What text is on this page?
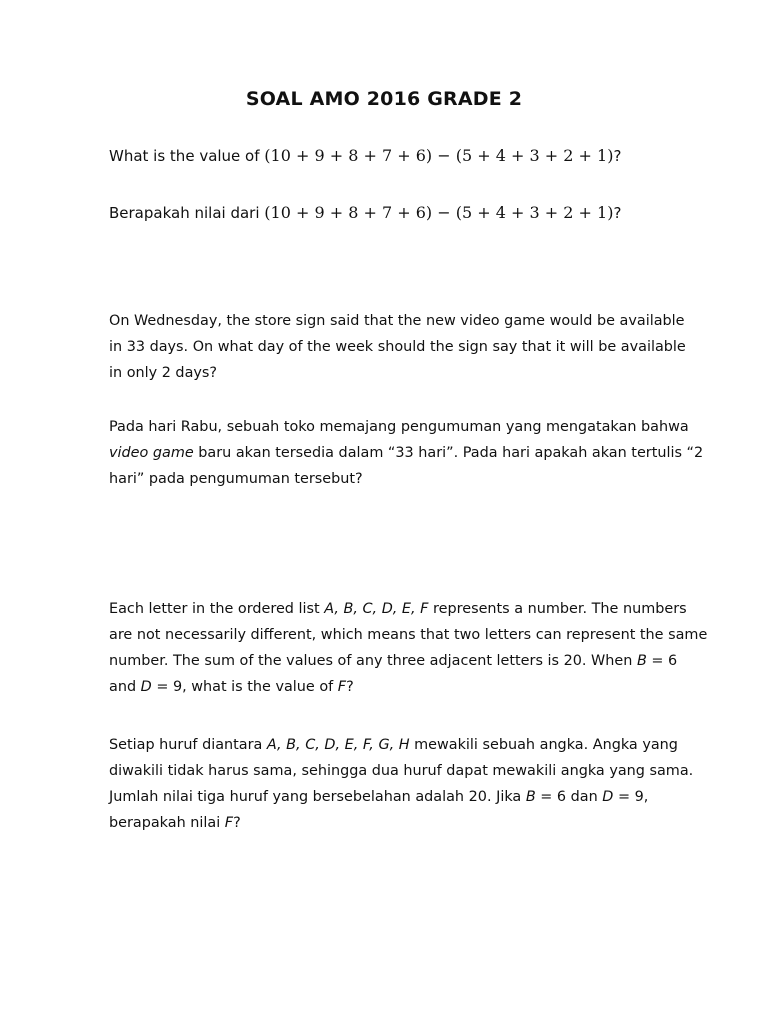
SOAL AMO 2016 GRADE 2
What is the value of (10 + 9 + 8 + 7 + 6) − (5 + 4 + 3 + 2 + 1)?
Berapakah nilai dari (10 + 9 + 8 + 7 + 6) − (5 + 4 + 3 + 2 + 1)?
On Wednesday, the store sign said that the new video game would be available
in 33 days. On what day of the week should the sign say that it will be available
in only 2 days?
Pada hari Rabu, sebuah toko memajang pengumuman yang mengatakan bahwa
video game baru akan tersedia dalam “33 hari”. Pada hari apakah akan tertulis “2
hari” pada pengumuman tersebut?
Each letter in the ordered list A, B, C, D, E, F represents a number. The numbers
are not necessarily different, which means that two letters can represent the same
number. The sum of the values of any three adjacent letters is 20. When B = 6
and D = 9, what is the value of F?
Setiap huruf diantara A, B, C, D, E, F, G, H mewakili sebuah angka. Angka yang
diwakili tidak harus sama, sehingga dua huruf dapat mewakili angka yang sama.
Jumlah nilai tiga huruf yang bersebelahan adalah 20. Jika B = 6 dan D = 9,
berapakah nilai F?
